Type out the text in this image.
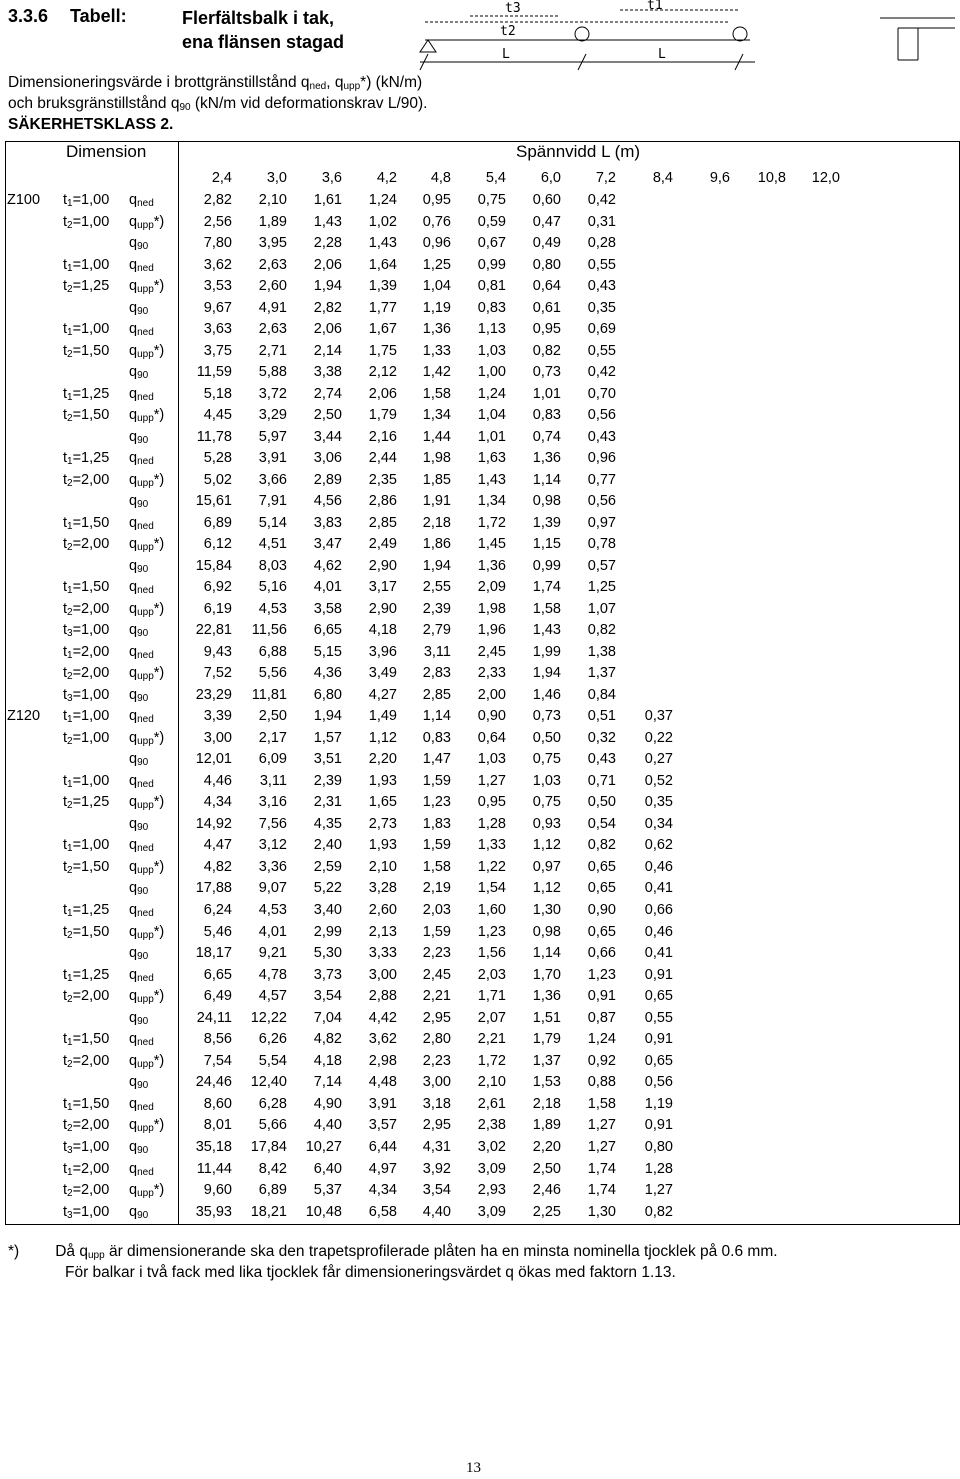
3.3.6 Tabell:	Flerfältsbalk i tak,
ena flänsen stagad
t3
t2
t1
L	L
Dimensioneringsvärde i brottgränstillstånd qned, qupp*) (kN/m)
och bruksgränstillstånd q90 (kN/m vid deformationskrav L/90).
SÄKERHETSKLASS 2.
Dimension	Spännvidd L (m)
2,4	3,0	3,6	4,2	4,8	5,4	6,0	7,2	8,4	9,6	10,8	12,0
Z100 t1=1,00 qned	2,82	2,10	1,61	1,24	0,95	0,75	0,60	0,42
t2=1,00 qupp*)	2,56	1,89	1,43	1,02	0,76	0,59	0,47	0,31
q90	7,80	3,95	2,28	1,43	0,96	0,67	0,49	0,28
t1=1,00 qned	3,62	2,63	2,06	1,64	1,25	0,99	0,80	0,55
t2=1,25 qupp*)	3,53	2,60	1,94	1,39	1,04	0,81	0,64	0,43
q90	9,67	4,91	2,82	1,77	1,19	0,83	0,61	0,35
t1=1,00 qned	3,63	2,63	2,06	1,67	1,36	1,13	0,95	0,69
t2=1,50 qupp*)	3,75	2,71	2,14	1,75	1,33	1,03	0,82	0,55
q90	11,59	5,88	3,38	2,12	1,42	1,00	0,73	0,42
t1=1,25 qned	5,18	3,72	2,74	2,06	1,58	1,24	1,01	0,70
t2=1,50 qupp*)	4,45	3,29	2,50	1,79	1,34	1,04	0,83	0,56
q90	11,78	5,97	3,44	2,16	1,44	1,01	0,74	0,43
t1=1,25 qned	5,28	3,91	3,06	2,44	1,98	1,63	1,36	0,96
t2=2,00 qupp*)	5,02	3,66	2,89	2,35	1,85	1,43	1,14	0,77
q90	15,61	7,91	4,56	2,86	1,91	1,34	0,98	0,56
t1=1,50 qned	6,89	5,14	3,83	2,85	2,18	1,72	1,39	0,97
t2=2,00 qupp*)	6,12	4,51	3,47	2,49	1,86	1,45	1,15	0,78
q90	15,84	8,03	4,62	2,90	1,94	1,36	0,99	0,57
t1=1,50 qned	6,92	5,16	4,01	3,17	2,55	2,09	1,74	1,25
t2=2,00 qupp*)	6,19	4,53	3,58	2,90	2,39	1,98	1,58	1,07
t3=1,00 q90	22,81	11,56	6,65	4,18	2,79	1,96	1,43	0,82
t1=2,00 qned	9,43	6,88	5,15	3,96	3,11	2,45	1,99	1,38
t2=2,00 qupp*)	7,52	5,56	4,36	3,49	2,83	2,33	1,94	1,37
t3=1,00 q90	23,29	11,81	6,80	4,27	2,85	2,00	1,46	0,84
Z120 t1=1,00 qned	3,39	2,50	1,94	1,49	1,14	0,90	0,73	0,51	0,37
t2=1,00 qupp*)	3,00	2,17	1,57	1,12	0,83	0,64	0,50	0,32	0,22
q90	12,01	6,09	3,51	2,20	1,47	1,03	0,75	0,43	0,27
t1=1,00 qned	4,46	3,11	2,39	1,93	1,59	1,27	1,03	0,71	0,52
t2=1,25 qupp*)	4,34	3,16	2,31	1,65	1,23	0,95	0,75	0,50	0,35
q90	14,92	7,56	4,35	2,73	1,83	1,28	0,93	0,54	0,34
t1=1,00 qned	4,47	3,12	2,40	1,93	1,59	1,33	1,12	0,82	0,62
t2=1,50 qupp*)	4,82	3,36	2,59	2,10	1,58	1,22	0,97	0,65	0,46
q90	17,88	9,07	5,22	3,28	2,19	1,54	1,12	0,65	0,41
t1=1,25 qned	6,24	4,53	3,40	2,60	2,03	1,60	1,30	0,90	0,66
t2=1,50 qupp*)	5,46	4,01	2,99	2,13	1,59	1,23	0,98	0,65	0,46
q90	18,17	9,21	5,30	3,33	2,23	1,56	1,14	0,66	0,41
t1=1,25 qned	6,65	4,78	3,73	3,00	2,45	2,03	1,70	1,23	0,91
t2=2,00 qupp*)	6,49	4,57	3,54	2,88	2,21	1,71	1,36	0,91	0,65
q90	24,11	12,22	7,04	4,42	2,95	2,07	1,51	0,87	0,55
t1=1,50 qned	8,56	6,26	4,82	3,62	2,80	2,21	1,79	1,24	0,91
t2=2,00 qupp*)	7,54	5,54	4,18	2,98	2,23	1,72	1,37	0,92	0,65
q90	24,46	12,40	7,14	4,48	3,00	2,10	1,53	0,88	0,56
t1=1,50 qned	8,60	6,28	4,90	3,91	3,18	2,61	2,18	1,58	1,19
t2=2,00 qupp*)	8,01	5,66	4,40	3,57	2,95	2,38	1,89	1,27	0,91
t3=1,00 q90	35,18	17,84	10,27	6,44	4,31	3,02	2,20	1,27	0,80
t1=2,00 qned	11,44	8,42	6,40	4,97	3,92	3,09	2,50	1,74	1,28
t2=2,00 qupp*)	9,60	6,89	5,37	4,34	3,54	2,93	2,46	1,74	1,27
t3=1,00 q90	35,93	18,21	10,48	6,58	4,40	3,09	2,25	1,30	0,82
*) Då qupp är dimensionerande ska den trapetsprofilerade plåten ha en minsta nominella tjocklek på 0.6 mm.
För balkar i två fack med lika tjocklek får dimensioneringsvärdet q ökas med faktorn 1.13.
13
